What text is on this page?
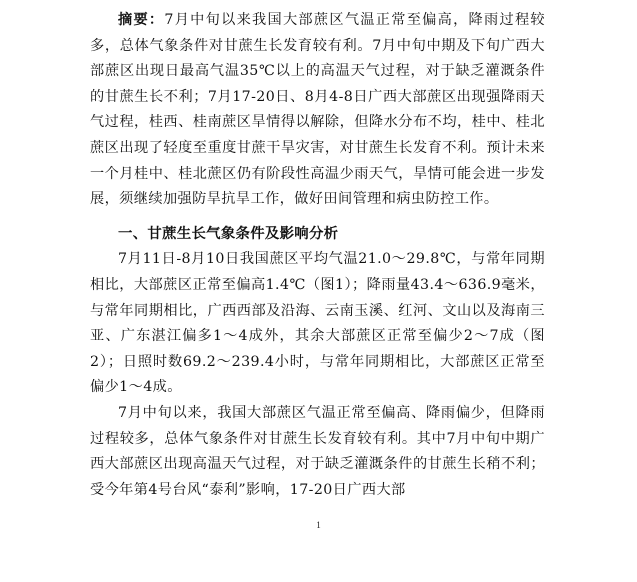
摘要：7月中旬以来我国大部蔗区气温正常至偏高，降雨过程较多，总体气象条件对甘蔗生长发育较有利。7月中旬中期及下旬广西大部蔗区出现日最高气温35℃以上的高温天气过程，对于缺乏灌溉条件的甘蔗生长不利；7月17-20日、8月4-8日广西大部蔗区出现强降雨天气过程，桂西、桂南蔗区旱情得以解除，但降水分布不均，桂中、桂北蔗区出现了轻度至重度甘蔗干旱灾害，对甘蔗生长发育不利。预计未来一个月桂中、桂北蔗区仍有阶段性高温少雨天气，旱情可能会进一步发展，须继续加强防旱抗旱工作，做好田间管理和病虫防控工作。

一、甘蔗生长气象条件及影响分析

7月11日-8月10日我国蔗区平均气温21.0～29.8℃，与常年同期相比，大部蔗区正常至偏高1.4℃（图1）；降雨量43.4～636.9毫米，与常年同期相比，广西西部及沿海、云南玉溪、红河、文山以及海南三亚、广东湛江偏多1～4成外，其余大部蔗区正常至偏少2～7成（图2）；日照时数69.2～239.4小时，与常年同期相比，大部蔗区正常至偏少1～4成。

7月中旬以来，我国大部蔗区气温正常至偏高、降雨偏少，但降雨过程较多，总体气象条件对甘蔗生长发育较有利。其中7月中旬中期广西大部蔗区出现高温天气过程，对于缺乏灌溉条件的甘蔗生长稍不利；受今年第4号台风“泰利”影响，17-20日广西大部

1
